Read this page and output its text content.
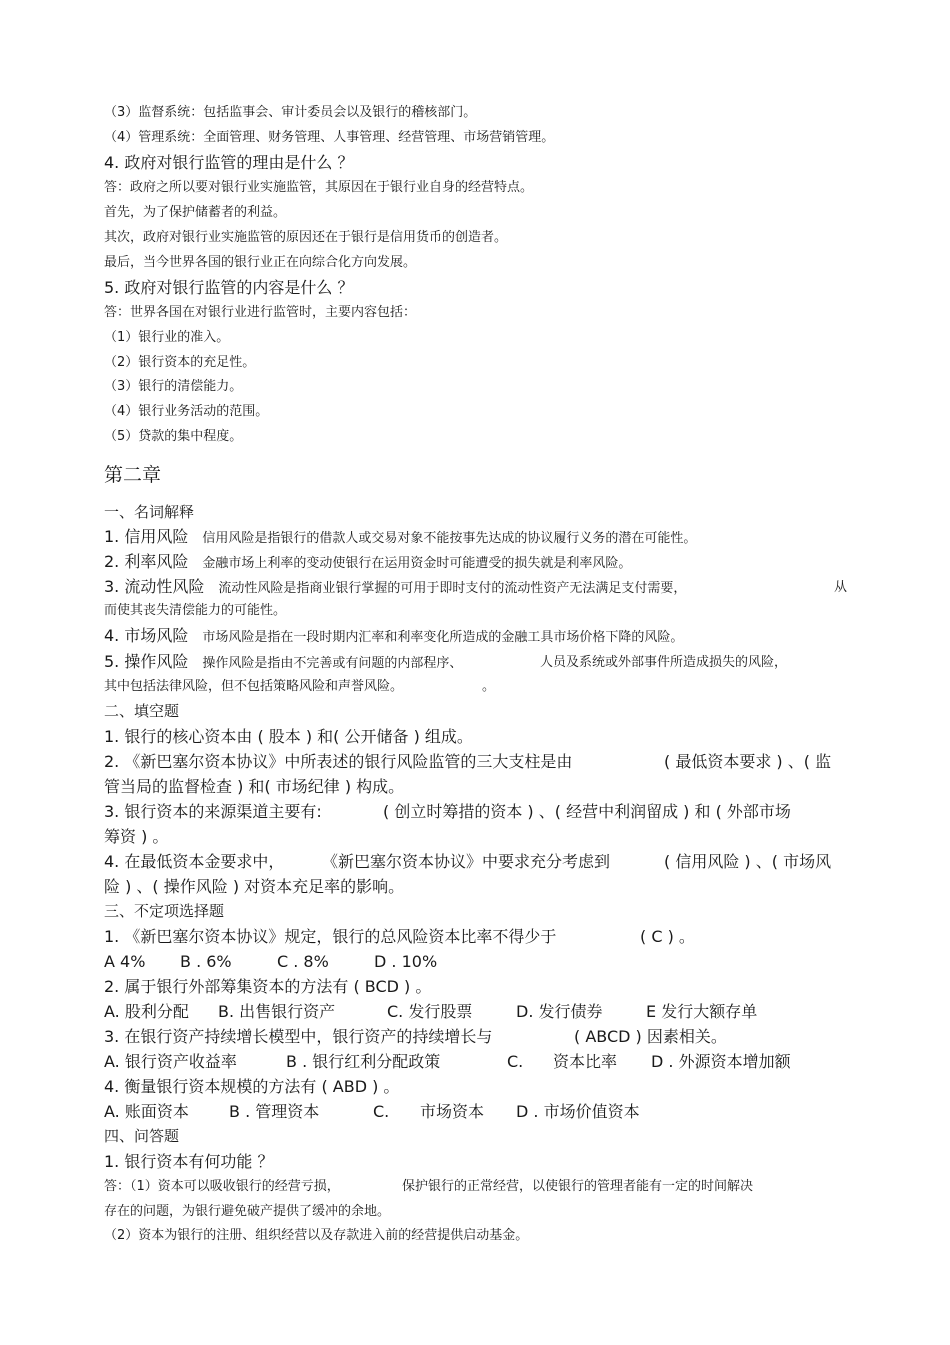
（3）监督系统：包括监事会、审计委员会以及银行的稽核部门。
（4）管理系统：全面管理、财务管理、人事管理、经营管理、市场营销管理。
4. 政府对银行监管的理由是什么 ？
答：政府之所以要对银行业实施监管，其原因在于银行业自身的经营特点。
首先，为了保护储蓄者的利益。
其次，政府对银行业实施监管的原因还在于银行是信用货币的创造者。
最后，当今世界各国的银行业正在向综合化方向发展。
5. 政府对银行监管的内容是什么 ？
答：世界各国在对银行业进行监管时，主要内容包括：
（1）银行业的准入。
（2）银行资本的充足性。
（3）银行的清偿能力。
（4）银行业务活动的范围。
（5）贷款的集中程度。
第二章
一、名词解释
1. 信用风险 信用风险是指银行的借款人或交易对象不能按事先达成的协议履行义务的潜在可能性。
2. 利率风险 金融市场上利率的变动使银行在运用资金时可能遭受的损失就是利率风险。
3. 流动性风险 流动性风险是指商业银行掌握的可用于即时支付的流动性资产无法满足支付需要，	从
而使其丧失清偿能力的可能性。
4. 市场风险 市场风险是指在一段时期内汇率和利率变化所造成的金融工具市场价格下降的风险。
5. 操作风险 操作风险是指由不完善或有问题的内部程序、	人员及系统或外部事件所造成损失的风险，
其中包括法律风险，但不包括策略风险和声誉风险。	。
二、填空题
1. 银行的核心资本由 ( 股本 ) 和( 公开储备 ) 组成。
2. 《新巴塞尔资本协议》中所表述的银行风险监管的三大支柱是由	( 最低资本要求 ) 、( 监
管当局的监督检查 ) 和( 市场纪律 ) 构成。
3. 银行资本的来源渠道主要有:	( 创立时筹措的资本 ) 、( 经营中利润留成 ) 和 ( 外部市场
筹资 ) 。
4. 在最低资本金要求中， 《新巴塞尔资本协议》中要求充分考虑到	( 信用风险 ) 、( 市场风
险 ) 、( 操作风险 ) 对资本充足率的影响。
三、不定项选择题
1. 《新巴塞尔资本协议》规定，银行的总风险资本比率不得少于	( C ) 。
A 4% B . 6%	C . 8%	D . 10%
2. 属于银行外部筹集资本的方法有 ( BCD ) 。
A. 股利分配 B. 出售银行资产	C. 发行股票	D. 发行债券	E 发行大额存单
3. 在银行资产持续增长模型中，银行资产的持续增长与	( ABCD ) 因素相关。
A. 银行资产收益率	B . 银行红利分配政策	C. 资本比率 D . 外源资本增加额
4. 衡量银行资本规模的方法有 ( ABD ) 。
A. 账面资本	B . 管理资本	C. 市场资本 D . 市场价值资本
四、问答题
1. 银行资本有何功能 ？
答：（1）资本可以吸收银行的经营亏损，	保护银行的正常经营，以使银行的管理者能有一定的时间解决
存在的问题，为银行避免破产提供了缓冲的余地。
（2）资本为银行的注册、组织经营以及存款进入前的经营提供启动基金。
